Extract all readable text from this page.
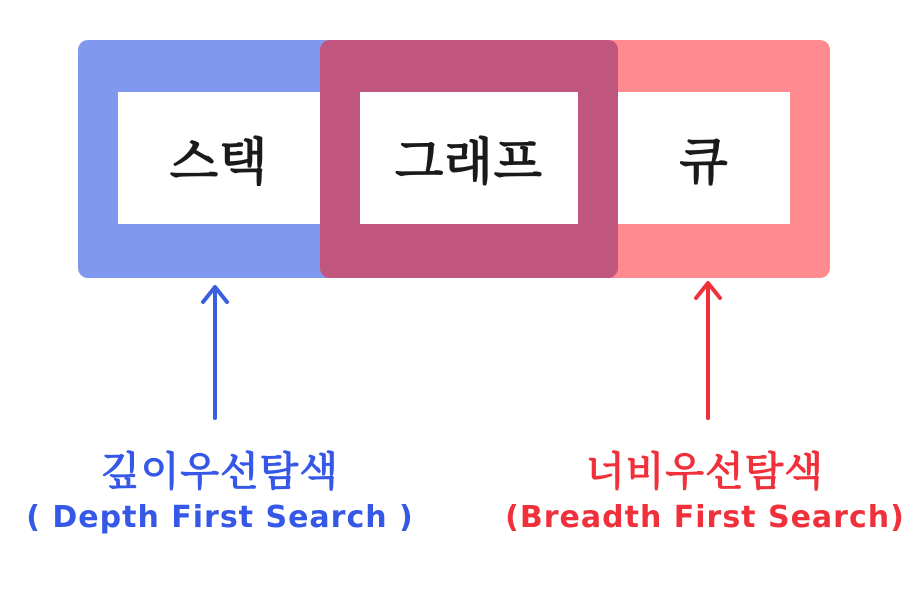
스택	그래프	큐
깊이우선탐색
( Depth First Search )
너비우선탐색
(Breadth First Search)
